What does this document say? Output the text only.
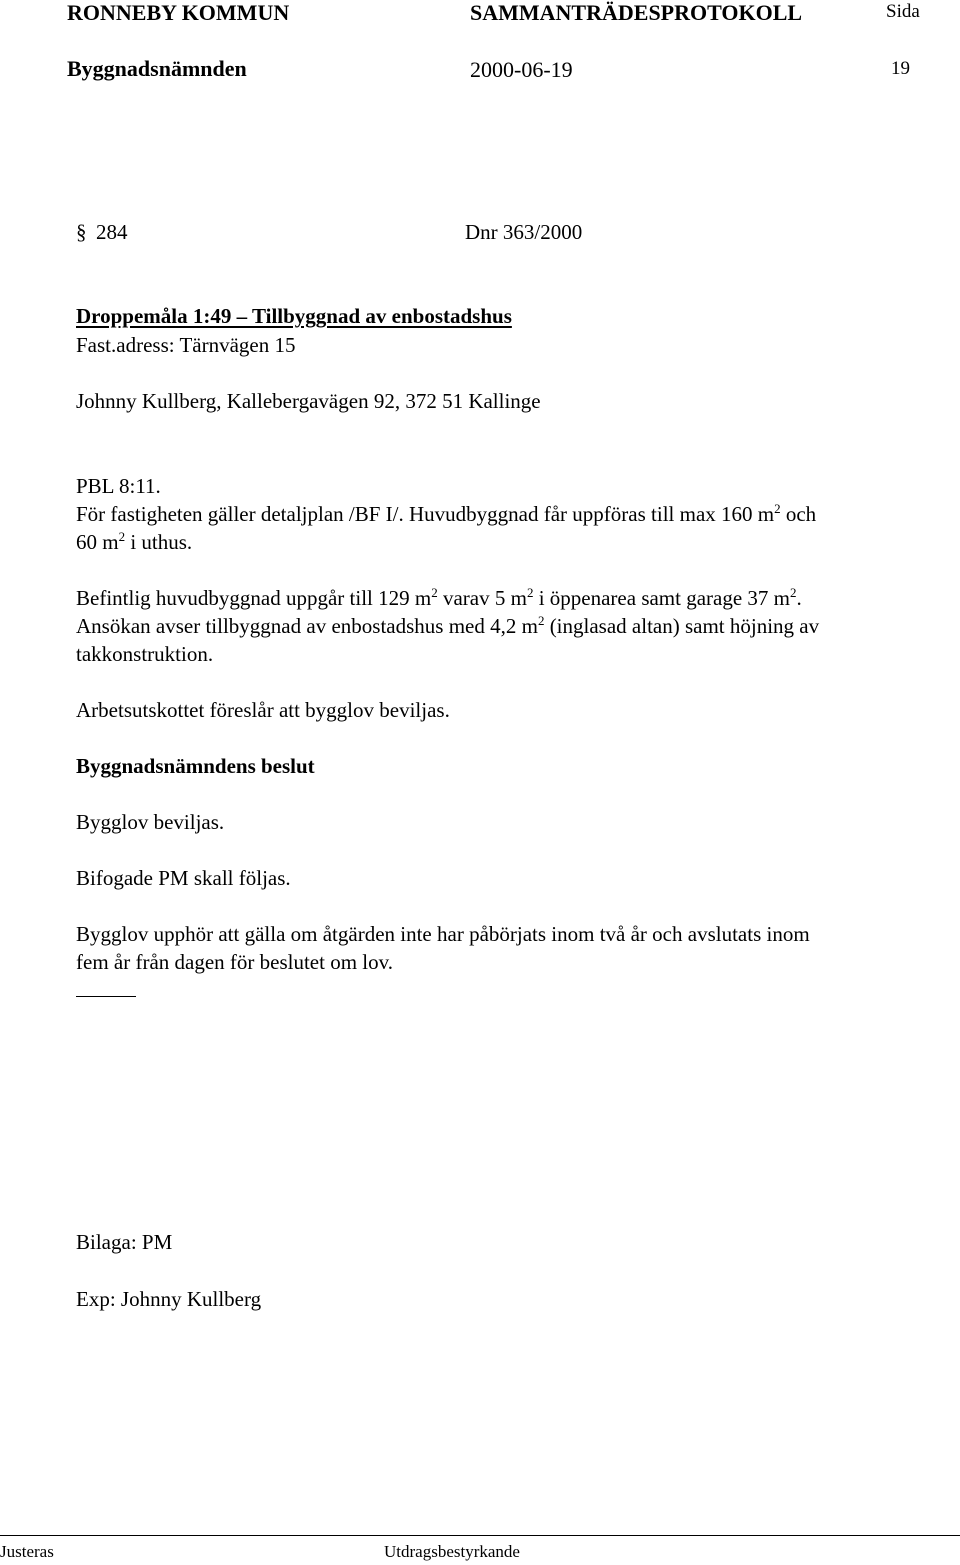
RONNEBY KOMMUN	SAMMANTRÄDESPROTOKOLL	Sida
Byggnadsnämnden	2000-06-19	19
§ 284	Dnr 363/2000
Droppemåla 1:49 – Tillbyggnad av enbostadshus
Fast.adress: Tärnvägen 15
Johnny Kullberg, Kallebergavägen 92, 372 51 Kallinge
PBL 8:11.
För fastigheten gäller detaljplan /BF I/. Huvudbyggnad får uppföras till max 160 $m^2$ och
60 $m^2$ i uthus.
Befintlig huvudbyggnad uppgår till 129 $m^2$ varav 5 $m^2$ i öppenarea samt garage 37 $m^2$.
Ansökan avser tillbyggnad av enbostadshus med 4,2 $m^2$ (inglasad altan) samt höjning av
takkonstruktion.
Arbetsutskottet föreslår att bygglov beviljas.
Byggnadsnämndens beslut
Bygglov beviljas.
Bifogade PM skall följas.
Bygglov upphör att gälla om åtgärden inte har påbörjats inom två år och avslutats inom
fem år från dagen för beslutet om lov.
Bilaga: PM
Exp: Johnny Kullberg
Justeras	Utdragsbestyrkande
